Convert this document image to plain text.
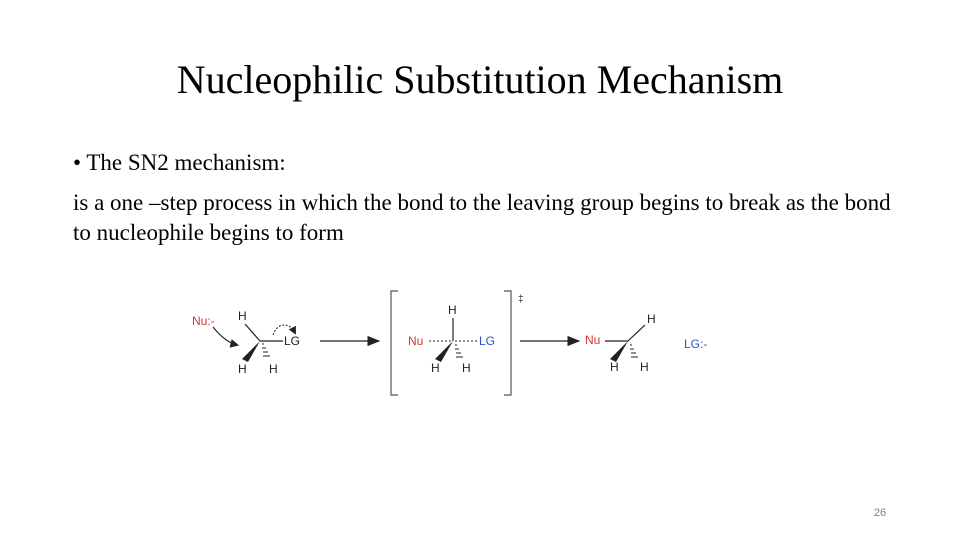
Nucleophilic Substitution Mechanism
• The SN2 mechanism:
is a one –step process in which the bond to the leaving group begins to break as the bond to nucleophile begins to form
Nu:- H
LG
H H
‡
H
Nu	LG
H H
Nu
H
H H
LG:-
26
